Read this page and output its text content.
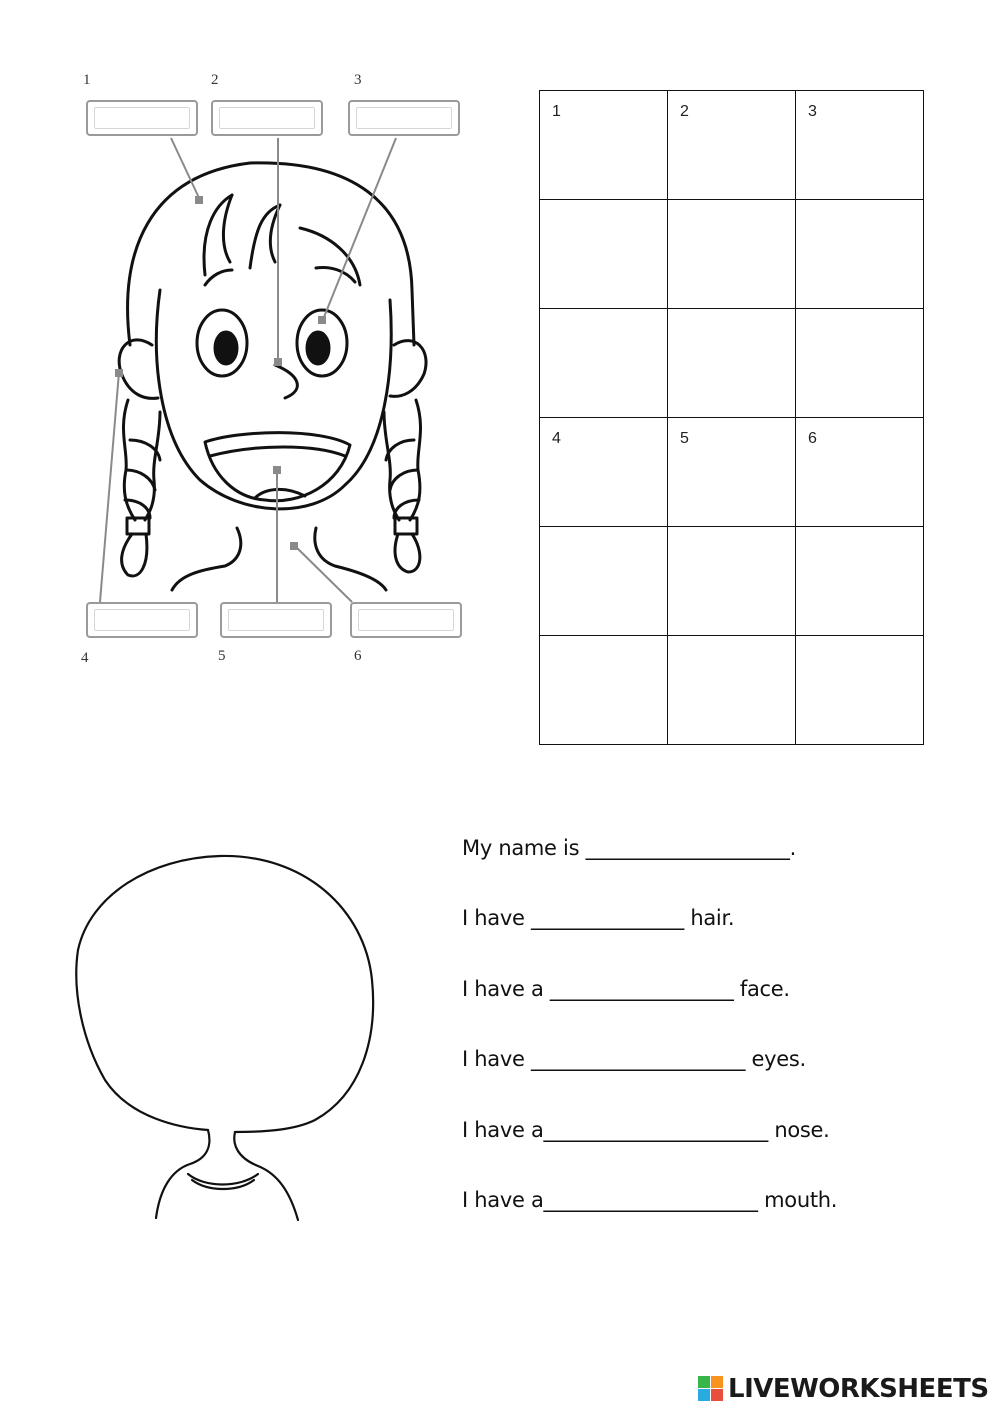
1	2	3
4	5	6
1	2	3

4	5	6

My name is ____________________.
I have _______________ hair.
I have a __________________ face.
I have _____________________ eyes.
I have a______________________ nose.
I have a_____________________ mouth.
LIVEWORKSHEETS
